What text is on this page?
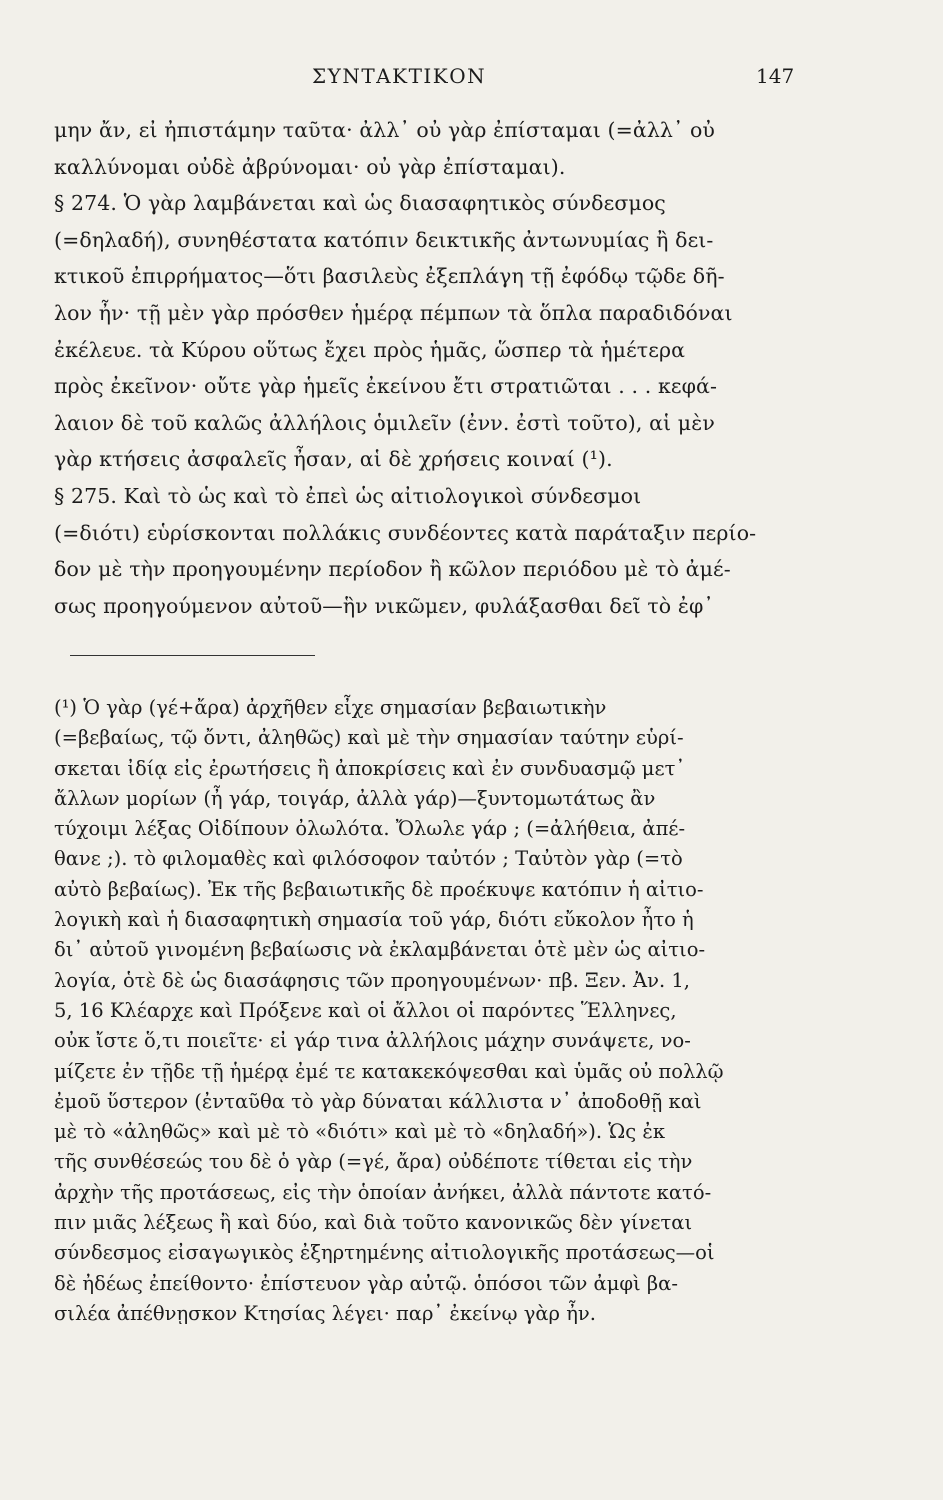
ΣΥΝΤΑΚΤΙΚΟΝ	147
μην ἄν, εἰ ἠπιστάμην ταῦτα· ἀλλ᾽ οὐ γὰρ ἐπίσταμαι (=ἀλλ᾽ οὐ
καλλύνομαι οὐδὲ ἀβρύνομαι· οὐ γὰρ ἐπίσταμαι).
§ 274. Ὁ γὰρ λαμβάνεται καὶ ὡς διασαφητικὸς σύνδεσμος
(=δηλαδή), συνηθέστατα κατόπιν δεικτικῆς ἀντωνυμίας ἢ δει-
κτικοῦ ἐπιρρήματος—ὅτι βασιλεὺς ἐξεπλάγη τῇ ἐφόδῳ τῷδε δῆ-
λον ἦν· τῇ μὲν γὰρ πρόσθεν ἡμέρᾳ πέμπων τὰ ὅπλα παραδιδόναι
ἐκέλευε. τὰ Κύρου οὕτως ἔχει πρὸς ἡμᾶς, ὥσπερ τὰ ἡμέτερα
πρὸς ἐκεῖνον· οὔτε γὰρ ἡμεῖς ἐκείνου ἔτι στρατιῶται . . . κεφά-
λαιον δὲ τοῦ καλῶς ἀλλήλοις ὁμιλεῖν (ἐνν. ἐστὶ τοῦτο), αἱ μὲν
γὰρ κτήσεις ἀσφαλεῖς ἦσαν, αἱ δὲ χρήσεις κοιναί (¹).
§ 275. Καὶ τὸ ὡς καὶ τὸ ἐπεὶ ὡς αἰτιολογικοὶ σύνδεσμοι
(=διότι) εὑρίσκονται πολλάκις συνδέοντες κατὰ παράταξιν περίο-
δον μὲ τὴν προηγουμένην περίοδον ἢ κῶλον περιόδου μὲ τὸ ἀμέ-
σως προηγούμενον αὐτοῦ—ἣν νικῶμεν, φυλάξασθαι δεῖ τὸ ἐφ᾽
(¹) Ὁ γὰρ (γέ+ἄρα) ἀρχῆθεν εἶχε σημασίαν βεβαιωτικὴν
(=βεβαίως, τῷ ὄντι, ἀληθῶς) καὶ μὲ τὴν σημασίαν ταύτην εὑρί-
σκεται ἰδίᾳ εἰς ἐρωτήσεις ἢ ἀποκρίσεις καὶ ἐν συνδυασμῷ μετ᾽
ἄλλων μορίων (ἦ γάρ, τοιγάρ, ἀλλὰ γάρ)—ξυντομωτάτως ἂν
τύχοιμι λέξας Οἰδίπουν ὀλωλότα. Ὄλωλε γάρ ; (=ἀλήθεια, ἀπέ-
θανε ;). τὸ φιλομαθὲς καὶ φιλόσοφον ταὐτόν ; Ταὐτὸν γὰρ (=τὸ
αὐτὸ βεβαίως). Ἐκ τῆς βεβαιωτικῆς δὲ προέκυψε κατόπιν ἡ αἰτιο-
λογικὴ καὶ ἡ διασαφητικὴ σημασία τοῦ γάρ, διότι εὔκολον ἦτο ἡ
δι᾽ αὐτοῦ γινομένη βεβαίωσις νὰ ἐκλαμβάνεται ὁτὲ μὲν ὡς αἰτιο-
λογία, ὁτὲ δὲ ὡς διασάφησις τῶν προηγουμένων· πβ. Ξεν. Ἀν. 1,
5, 16 Κλέαρχε καὶ Πρόξενε καὶ οἱ ἄλλοι οἱ παρόντες Ἕλληνες,
οὐκ ἴστε ὅ,τι ποιεῖτε· εἰ γάρ τινα ἀλλήλοις μάχην συνάψετε, νο-
μίζετε ἐν τῇδε τῇ ἡμέρᾳ ἐμέ τε κατακεκόψεσθαι καὶ ὑμᾶς οὐ πολλῷ
ἐμοῦ ὕστερον (ἐνταῦθα τὸ γὰρ δύναται κάλλιστα ν᾽ ἀποδοθῇ καὶ
μὲ τὸ «ἀληθῶς» καὶ μὲ τὸ «διότι» καὶ μὲ τὸ «δηλαδή»). Ὡς ἐκ
τῆς συνθέσεώς του δὲ ὁ γὰρ (=γέ, ἄρα) οὐδέποτε τίθεται εἰς τὴν
ἀρχὴν τῆς προτάσεως, εἰς τὴν ὁποίαν ἀνήκει, ἀλλὰ πάντοτε κατό-
πιν μιᾶς λέξεως ἢ καὶ δύο, καὶ διὰ τοῦτο κανονικῶς δὲν γίνεται
σύνδεσμος εἰσαγωγικὸς ἐξηρτημένης αἰτιολογικῆς προτάσεως—οἱ
δὲ ἠδέως ἐπείθοντο· ἐπίστευον γὰρ αὐτῷ. ὁπόσοι τῶν ἀμφὶ βα-
σιλέα ἀπέθνῃσκον Κτησίας λέγει· παρ᾽ ἐκείνῳ γὰρ ἦν.
